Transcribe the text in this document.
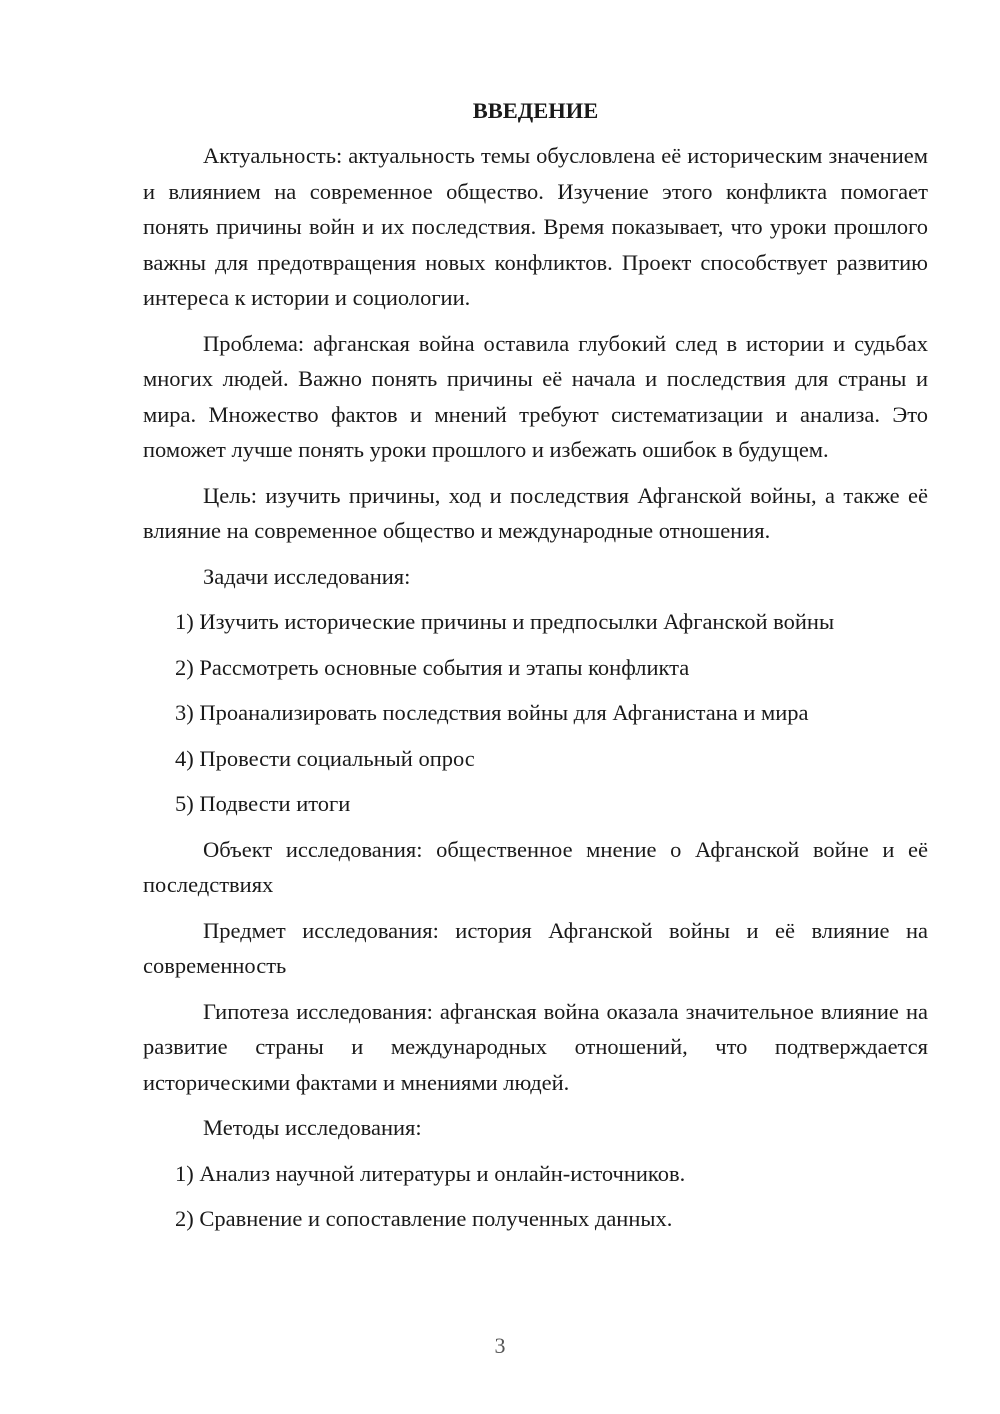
ВВЕДЕНИЕ

Актуальность: актуальность темы обусловлена её историческим значением и влиянием на современное общество. Изучение этого конфликта помогает понять причины войн и их последствия. Время показывает, что уроки прошлого важны для предотвращения новых конфликтов. Проект способствует развитию интереса к истории и социологии.

Проблема: афганская война оставила глубокий след в истории и судьбах многих людей. Важно понять причины её начала и последствия для страны и мира. Множество фактов и мнений требуют систематизации и анализа. Это поможет лучше понять уроки прошлого и избежать ошибок в будущем.

Цель: изучить причины, ход и последствия Афганской войны, а также её влияние на современное общество и международные отношения.

Задачи исследования:

1) Изучить исторические причины и предпосылки Афганской войны
2) Рассмотреть основные события и этапы конфликта
3) Проанализировать последствия войны для Афганистана и мира
4) Провести социальный опрос
5) Подвести итоги

Объект исследования: общественное мнение о Афганской войне и её последствиях

Предмет исследования: история Афганской войны и её влияние на современность

Гипотеза исследования: афганская война оказала значительное влияние на развитие страны и международных отношений, что подтверждается историческими фактами и мнениями людей.

Методы исследования:

1) Анализ научной литературы и онлайн-источников.
2) Сравнение и сопоставление полученных данных.
3
